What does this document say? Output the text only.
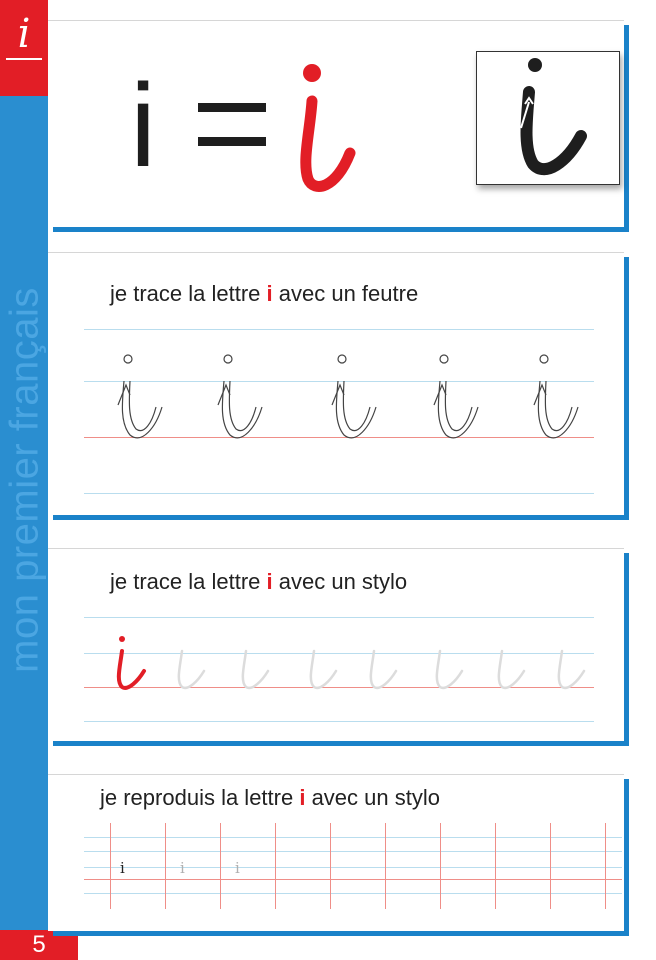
i
mon premier français
5
i
je trace la lettre i avec un feutre
je trace la lettre i avec un stylo
je reproduis la lettre i avec un stylo
i	i	i
